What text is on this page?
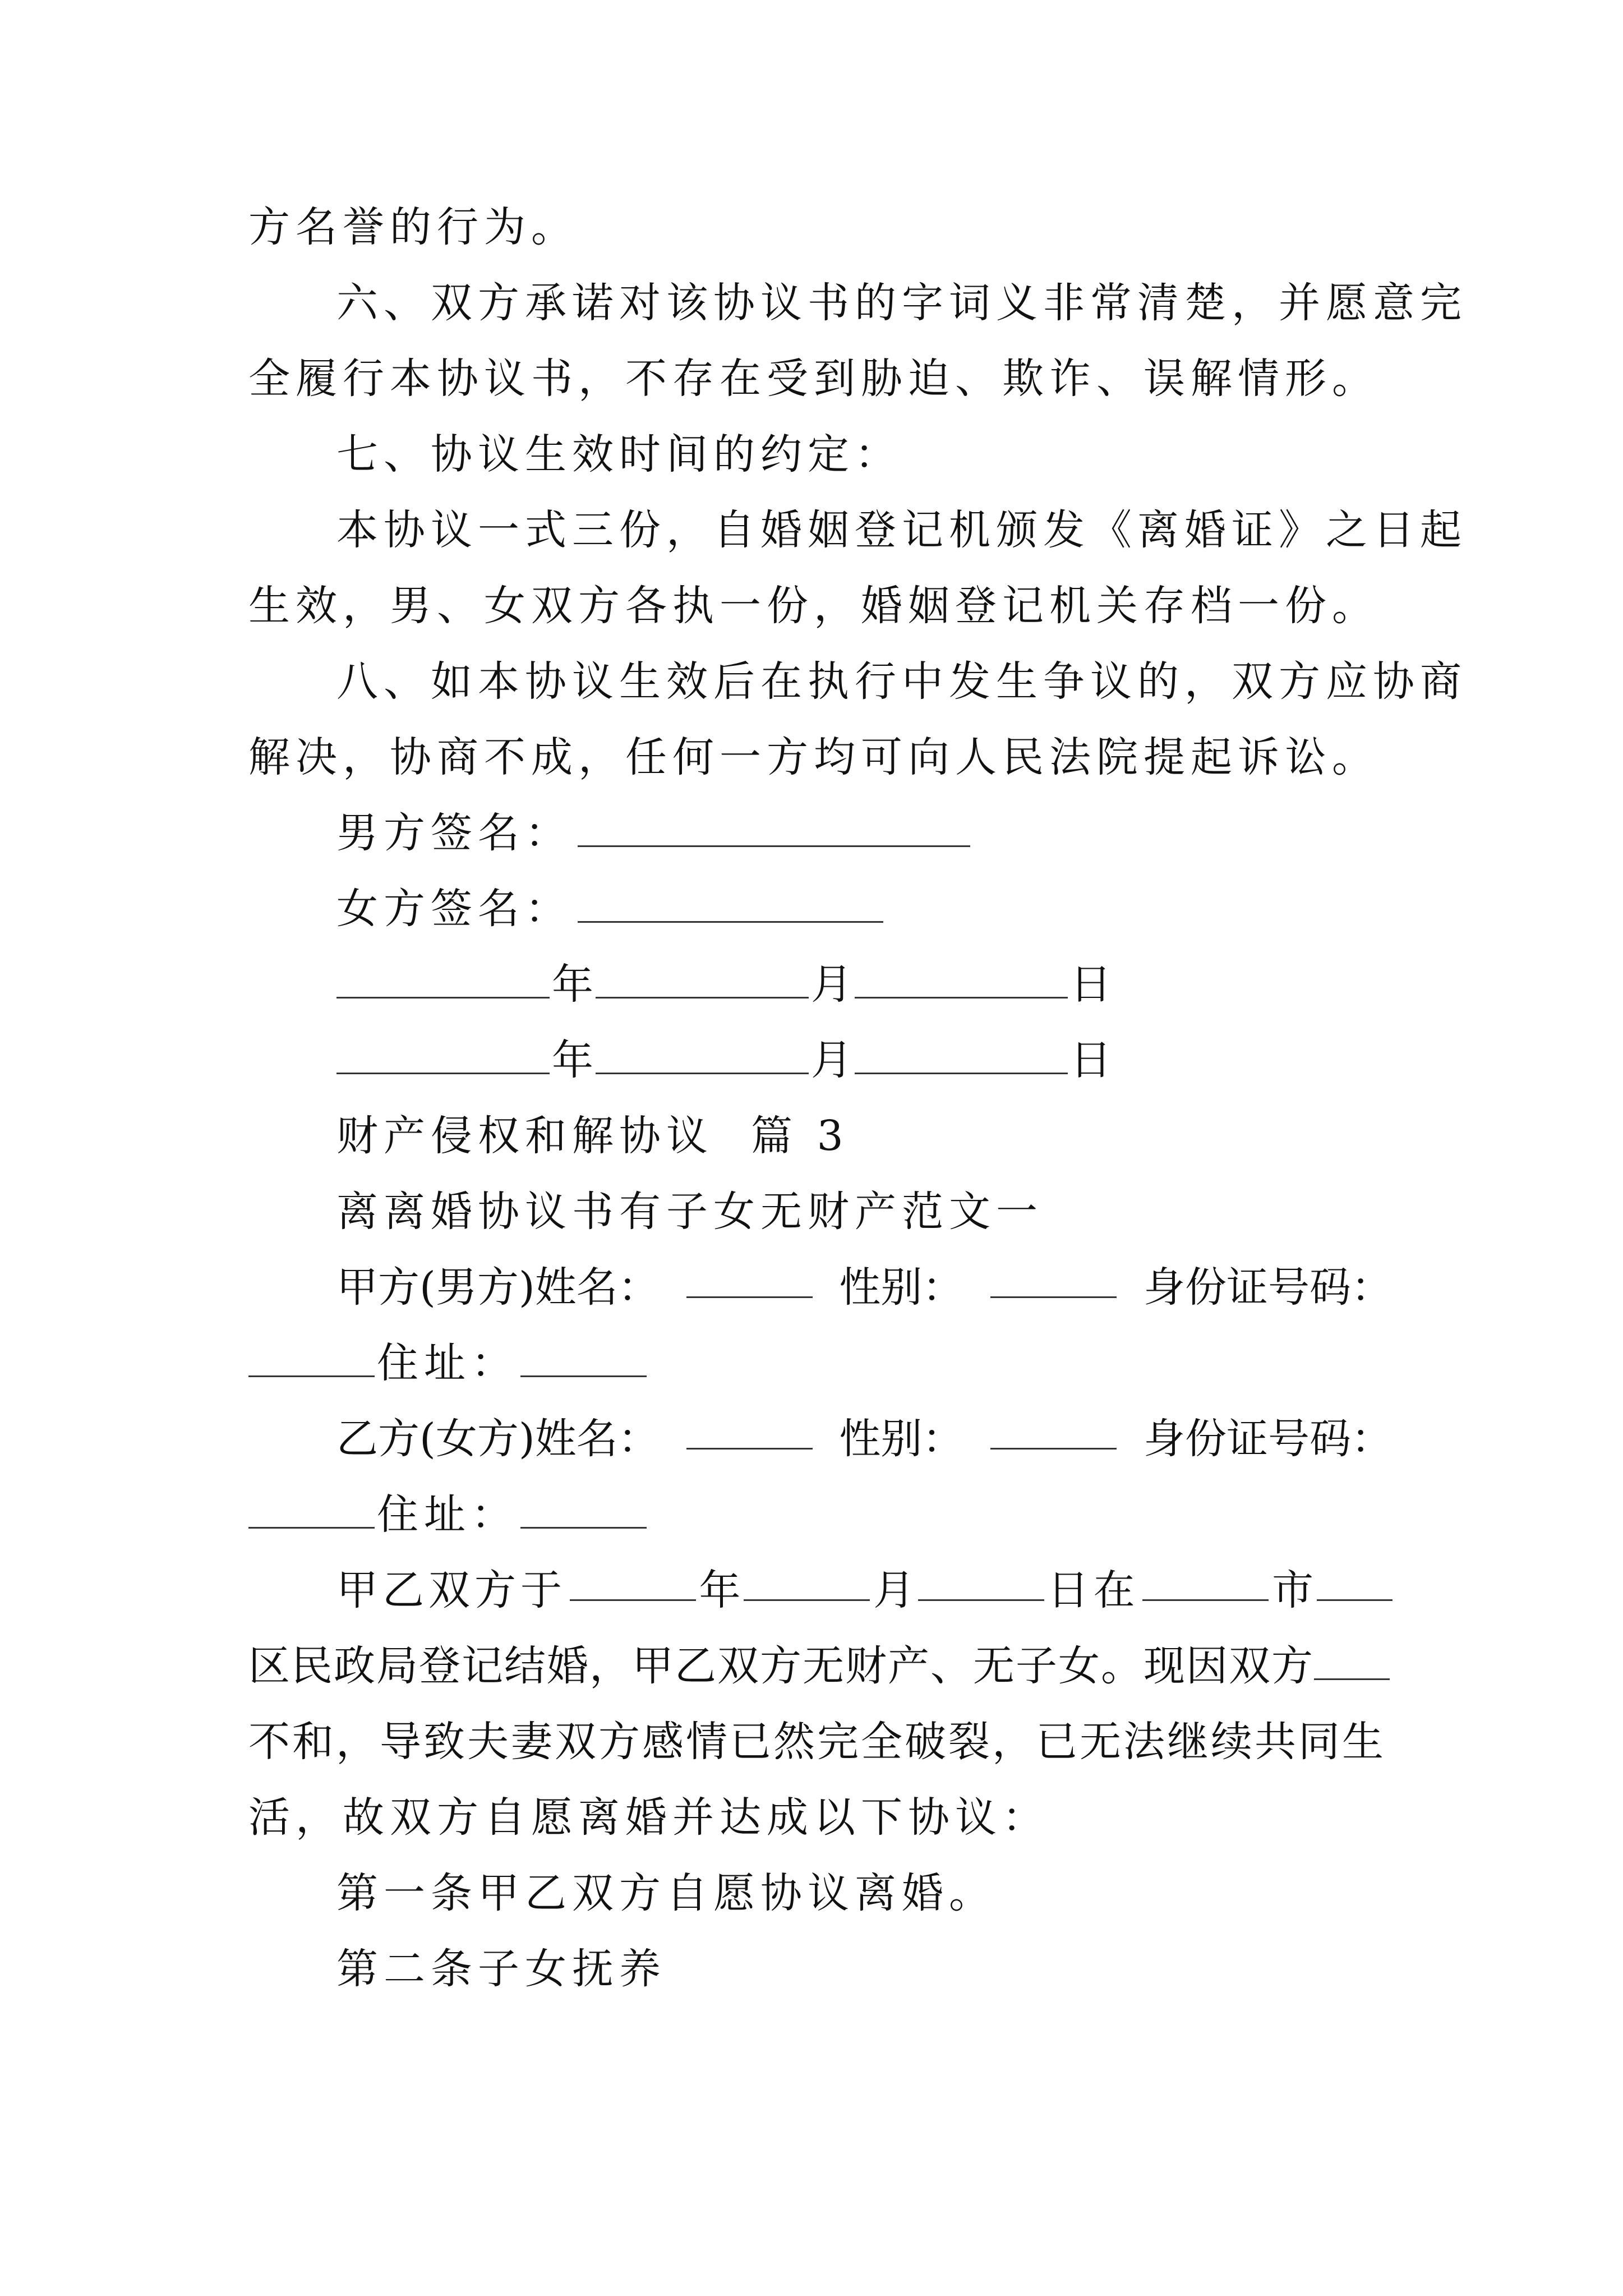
方名誉的行为。
六、双方承诺对该协议书的字词义非常清楚，并愿意完
全履行本协议书，不存在受到胁迫、欺诈、误解情形。
七、协议生效时间的约定：
本协议一式三份，自婚姻登记机颁发《离婚证》之日起
生效，男、女双方各执一份，婚姻登记机关存档一份。
八、如本协议生效后在执行中发生争议的，双方应协商
解决，协商不成，任何一方均可向人民法院提起诉讼。
男方签名：
女方签名：
年	月	日
年	月	日
财产侵权和解协议  篇 3
离离婚协议书有子女无财产范文一
甲方(男方)姓名：	性别：	身份证号码：
住址：
乙方(女方)姓名：	性别：	身份证号码：
住址：
甲乙双方于	年	月	日在	市
区民政局登记结婚，甲乙双方无财产、无子女。现因双方
不和，导致夫妻双方感情已然完全破裂，已无法继续共同生
活，故双方自愿离婚并达成以下协议：
第一条甲乙双方自愿协议离婚。
第二条子女抚养
